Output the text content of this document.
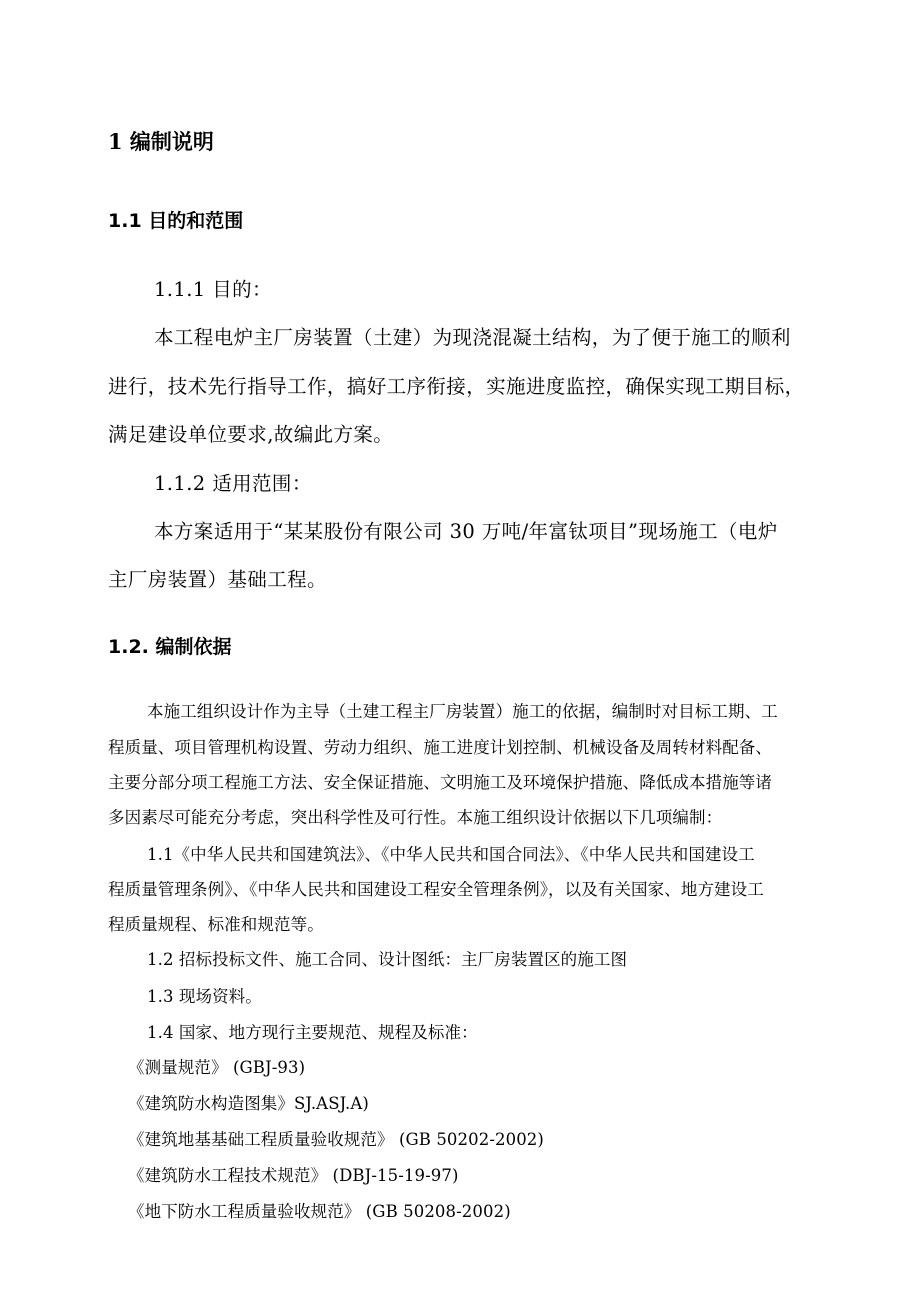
1 编制说明
1.1 目的和范围

1.1.1 目的：

本工程电炉主厂房装置（土建）为现浇混凝土结构，为了便于施工的顺利

进行，技术先行指导工作，搞好工序衔接，实施进度监控，确保实现工期目标，

满足建设单位要求,故编此方案。

1.1.2 适用范围：

本方案适用于“某某股份有限公司 30 万吨/年富钛项目”现场施工（电炉

主厂房装置）基础工程。

1.2. 编制依据

本施工组织设计作为主导（土建工程主厂房装置）施工的依据，编制时对目标工期、工

程质量、项目管理机构设置、劳动力组织、施工进度计划控制、机械设备及周转材料配备、

主要分部分项工程施工方法、安全保证措施、文明施工及环境保护措施、降低成本措施等诸

多因素尽可能充分考虑，突出科学性及可行性。本施工组织设计依据以下几项编制：

1.1《中华人民共和国建筑法》、《中华人民共和国合同法》、《中华人民共和国建设工

程质量管理条例》、《中华人民共和国建设工程安全管理条例》，以及有关国家、地方建设工

程质量规程、标准和规范等。

1.2 招标投标文件、施工合同、设计图纸：主厂房装置区的施工图

1.3 现场资料。

1.4 国家、地方现行主要规范、规程及标准：

《测量规范》 (GBJ-93)
《建筑防水构造图集》SJ.ASJ.A)
《建筑地基基础工程质量验收规范》 (GB 50202-2002)
《建筑防水工程技术规范》 (DBJ-15-19-97)
《地下防水工程质量验收规范》 (GB 50208-2002)
